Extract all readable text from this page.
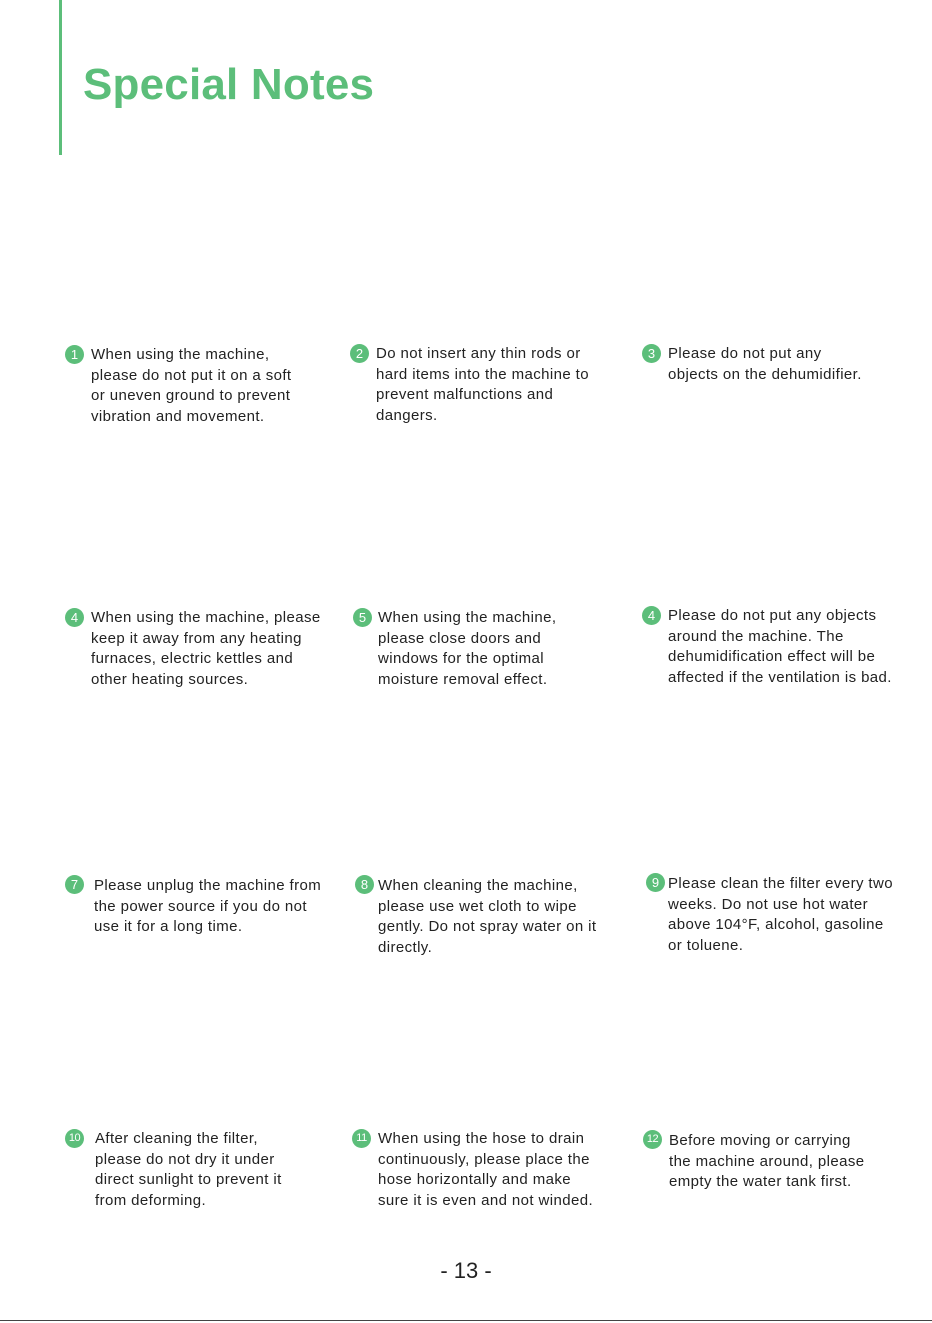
Special Notes
1 When using the machine,
please do not put it on a soft
or uneven ground to prevent
vibration and movement.

2 Do not insert any thin rods or
hard items into the machine to
prevent malfunctions and
dangers.

3 Please do not put any
objects on the dehumidifier.

4 When using the machine, please
keep it away from any heating
furnaces, electric kettles and
other heating sources.

5 When using the machine,
please close doors and
windows for the optimal
moisture removal effect.

4 Please do not put any objects
around the machine. The
dehumidification effect will be
affected if the ventilation is bad.

7	Please unplug the machine from
the power source if you do not
use it for a long time.

8 When cleaning the machine,
please use wet cloth to wipe
gently. Do not spray water on it
directly.

9 Please clean the filter every two
weeks. Do not use hot water
above 104°F, alcohol, gasoline
or toluene.

10 After cleaning the filter,
please do not dry it under
direct sunlight to prevent it
from deforming.

11 When using the hose to drain
continuously, please place the
hose horizontally and make
sure it is even and not winded.

12 Before moving or carrying
the machine around, please
empty the water tank first.

- 13 -
